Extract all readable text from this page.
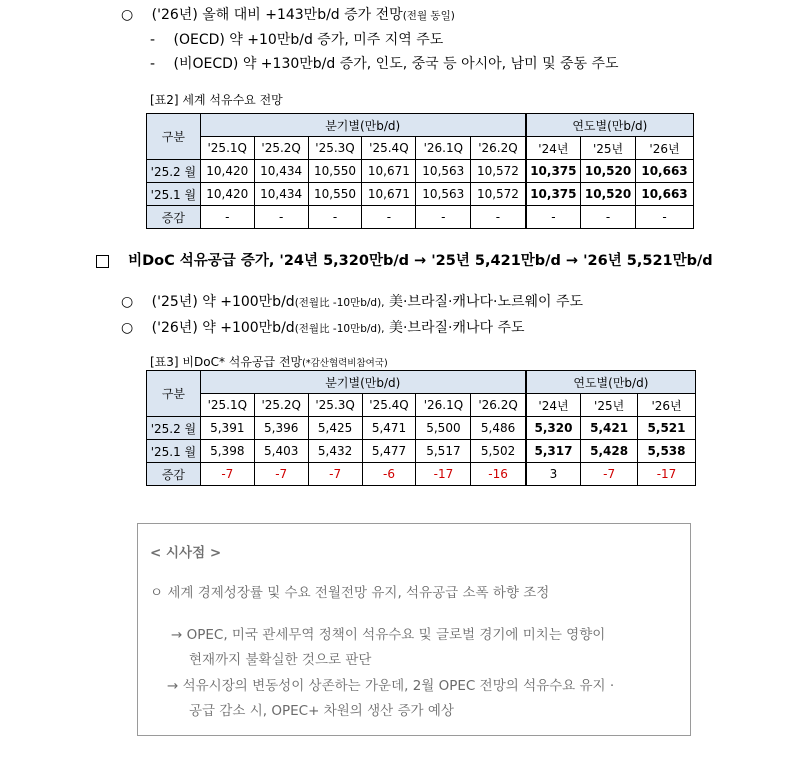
○ ('26년) 올해 대비 +143만b/d 증가 전망(전월 동일)
- (OECD) 약 +10만b/d 증가, 미주 지역 주도
- (비OECD) 약 +130만b/d 증가, 인도, 중국 등 아시아, 남미 및 중동 주도
[표2] 세계 석유수요 전망
구분	분기별(만b/d)						연도별(만b/d)		
	'25.1Q	'25.2Q	'25.3Q	'25.4Q	'26.1Q	'26.2Q	'24년	'25년	'26년
'25.2 월	10,420	10,434	10,550	10,671	10,563	10,572	10,375	10,520	10,663
'25.1 월	10,420	10,434	10,550	10,671	10,563	10,572	10,375	10,520	10,663
증감	-	-	-	-	-	-	-	-	-
비DoC 석유공급 증가, '24년 5,320만b/d → '25년 5,421만b/d → '26년 5,521만b/d
○ ('25년) 약 +100만b/d(전월比 -10만b/d), 美·브라질·캐나다·노르웨이 주도
○ ('26년) 약 +100만b/d(전월比 -10만b/d), 美·브라질·캐나다 주도
[표3] 비DoC* 석유공급 전망(*감산협력비참여국)
구분	분기별(만b/d)						연도별(만b/d)		
	'25.1Q	'25.2Q	'25.3Q	'25.4Q	'26.1Q	'26.2Q	'24년	'25년	'26년
'25.2 월	5,391	5,396	5,425	5,471	5,500	5,486	5,320	5,421	5,521
'25.1 월	5,398	5,403	5,432	5,477	5,517	5,502	5,317	5,428	5,538
증감	-7	-7	-7	-6	-17	-16	3	-7	-17
< 시사점 >
ㅇ 세계 경제성장률 및 수요 전월전망 유지, 석유공급 소폭 하향 조정
→ OPEC, 미국 관세무역 정책이 석유수요 및 글로벌 경기에 미치는 영향이
현재까지 불확실한 것으로 판단
→ 석유시장의 변동성이 상존하는 가운데, 2월 OPEC 전망의 석유수요 유지 ·
공급 감소 시, OPEC+ 차원의 생산 증가 예상
